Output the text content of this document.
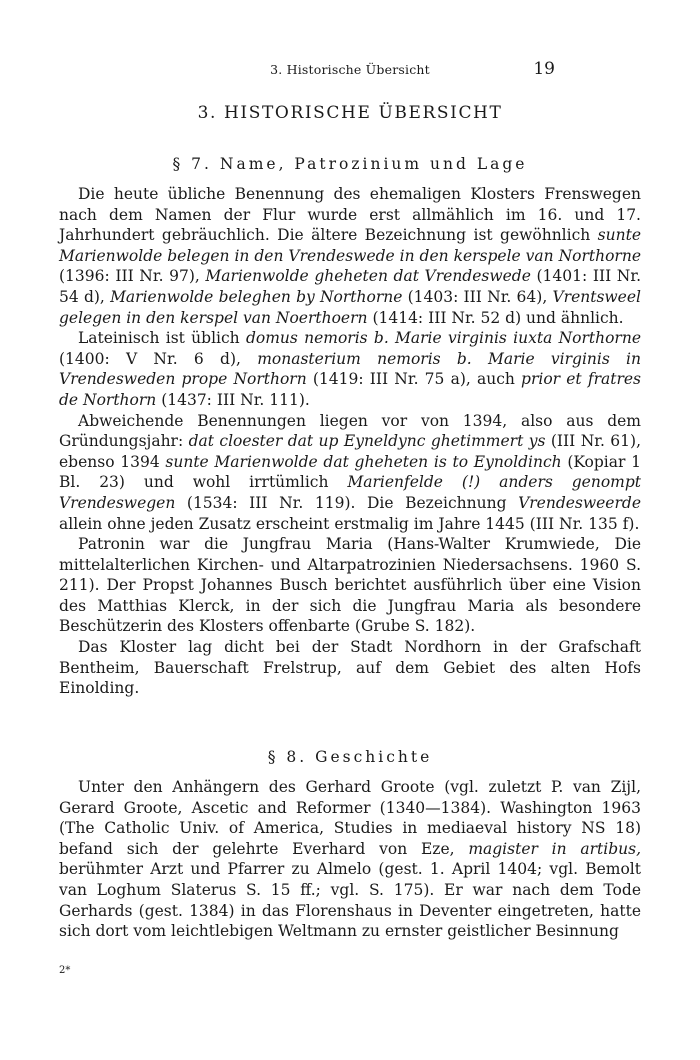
3. Historische Übersicht	19
3. HISTORISCHE ÜBERSICHT
§ 7. Name, Patrozinium und Lage

Die heute übliche Benennung des ehemaligen Klosters Frenswegen nach dem Namen der Flur wurde erst allmählich im 16. und 17. Jahrhundert gebräuchlich. Die ältere Bezeichnung ist gewöhnlich sunte Marienwolde belegen in den Vrendeswede in den kerspele van Northorne (1396: III Nr. 97), Marienwolde gheheten dat Vrendeswede (1401: III Nr. 54 d), Marienwolde beleghen by Northorne (1403: III Nr. 64), Vrentsweel gelegen in den kerspel van Noerthoern (1414: III Nr. 52 d) und ähnlich.

Lateinisch ist üblich domus nemoris b. Marie virginis iuxta Northorne (1400: V Nr. 6 d), monasterium nemoris b. Marie virginis in Vrendesweden prope Northorn (1419: III Nr. 75 a), auch prior et fratres de Northorn (1437: III Nr. 111).

Abweichende Benennungen liegen vor von 1394, also aus dem Gründungsjahr: dat cloester dat up Eyneldync ghetimmert ys (III Nr. 61), ebenso 1394 sunte Marienwolde dat gheheten is to Eynoldinch (Kopiar 1 Bl. 23) und wohl irrtümlich Marienfelde (!) anders genompt Vrendeswegen (1534: III Nr. 119). Die Bezeichnung Vrendesweerde allein ohne jeden Zusatz erscheint erstmalig im Jahre 1445 (III Nr. 135 f).

Patronin war die Jungfrau Maria (Hans-Walter Krumwiede, Die mittelalterlichen Kirchen- und Altarpatrozinien Niedersachsens. 1960 S. 211). Der Propst Johannes Busch berichtet ausführlich über eine Vision des Matthias Klerck, in der sich die Jungfrau Maria als besondere Beschützerin des Klosters offenbarte (Grube S. 182).

Das Kloster lag dicht bei der Stadt Nordhorn in der Grafschaft Bentheim, Bauerschaft Frelstrup, auf dem Gebiet des alten Hofs Einolding.

§ 8. Geschichte

Unter den Anhängern des Gerhard Groote (vgl. zuletzt P. van Zijl, Gerard Groote, Ascetic and Reformer (1340—1384). Washington 1963 (The Catholic Univ. of America, Studies in mediaeval history NS 18) befand sich der gelehrte Everhard von Eze, magister in artibus, berühmter Arzt und Pfarrer zu Almelo (gest. 1. April 1404; vgl. Bemolt van Loghum Slaterus S. 15 ff.; vgl. S. 175). Er war nach dem Tode Gerhards (gest. 1384) in das Florenshaus in Deventer eingetreten, hatte sich dort vom leichtlebigen Weltmann zu ernster geistlicher Besinnung

2*
